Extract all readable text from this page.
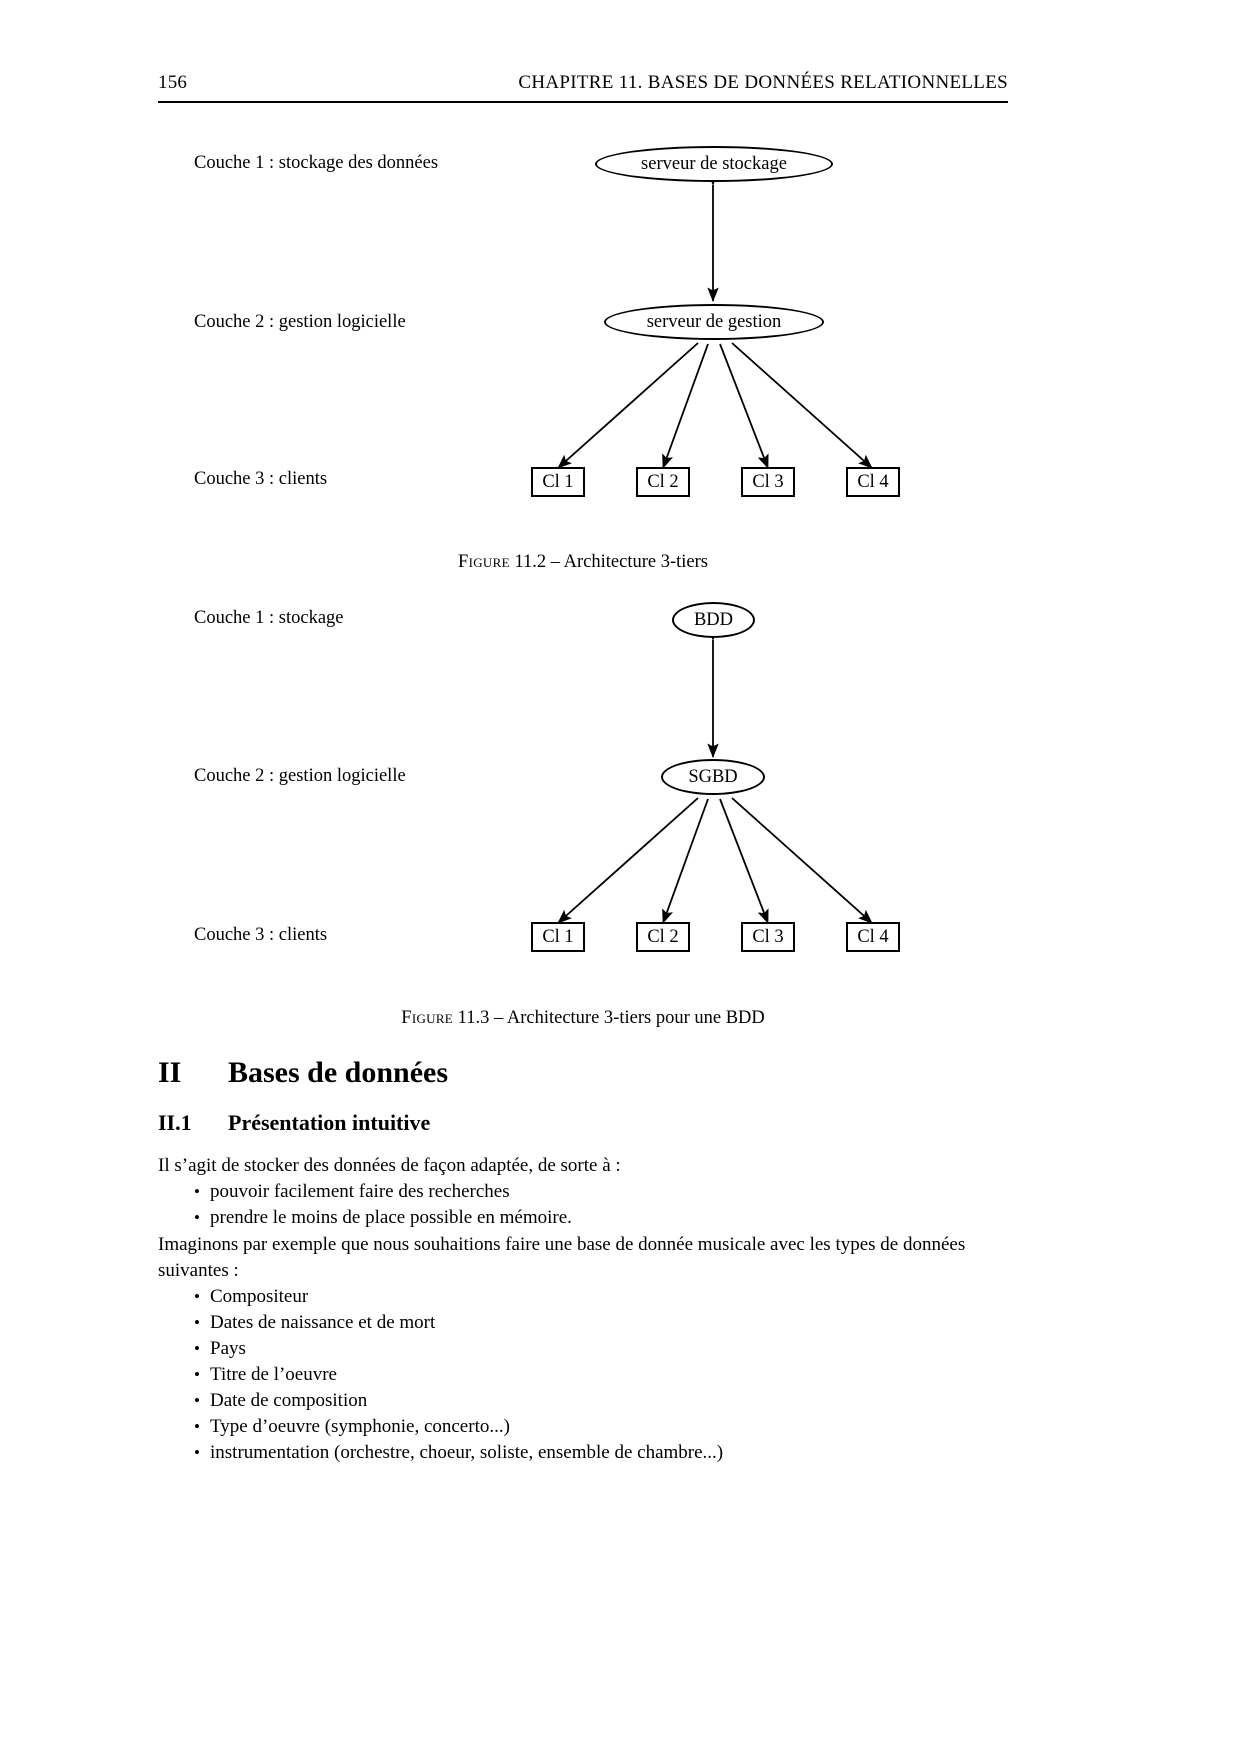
156	CHAPITRE 11. BASES DE DONNÉES RELATIONNELLES
Couche 1 : stockage des données
Couche 2 : gestion logicielle
Couche 3 : clients
serveur de stockage
serveur de gestion
Cl 1	Cl 2	Cl 3	Cl 4
Figure 11.2 – Architecture 3-tiers
Couche 1 : stockage
Couche 2 : gestion logicielle
Couche 3 : clients
BDD
SGBD
Cl 1	Cl 2	Cl 3	Cl 4
Figure 11.3 – Architecture 3-tiers pour une BDD
II Bases de données
II.1 Présentation intuitive
Il s’agit de stocker des données de façon adaptée, de sorte à :
• pouvoir facilement faire des recherches
• prendre le moins de place possible en mémoire.
Imaginons par exemple que nous souhaitions faire une base de donnée musicale avec les types de données suivantes :
• Compositeur
• Dates de naissance et de mort
• Pays
• Titre de l’oeuvre
• Date de composition
• Type d’oeuvre (symphonie, concerto...)
• instrumentation (orchestre, choeur, soliste, ensemble de chambre...)
